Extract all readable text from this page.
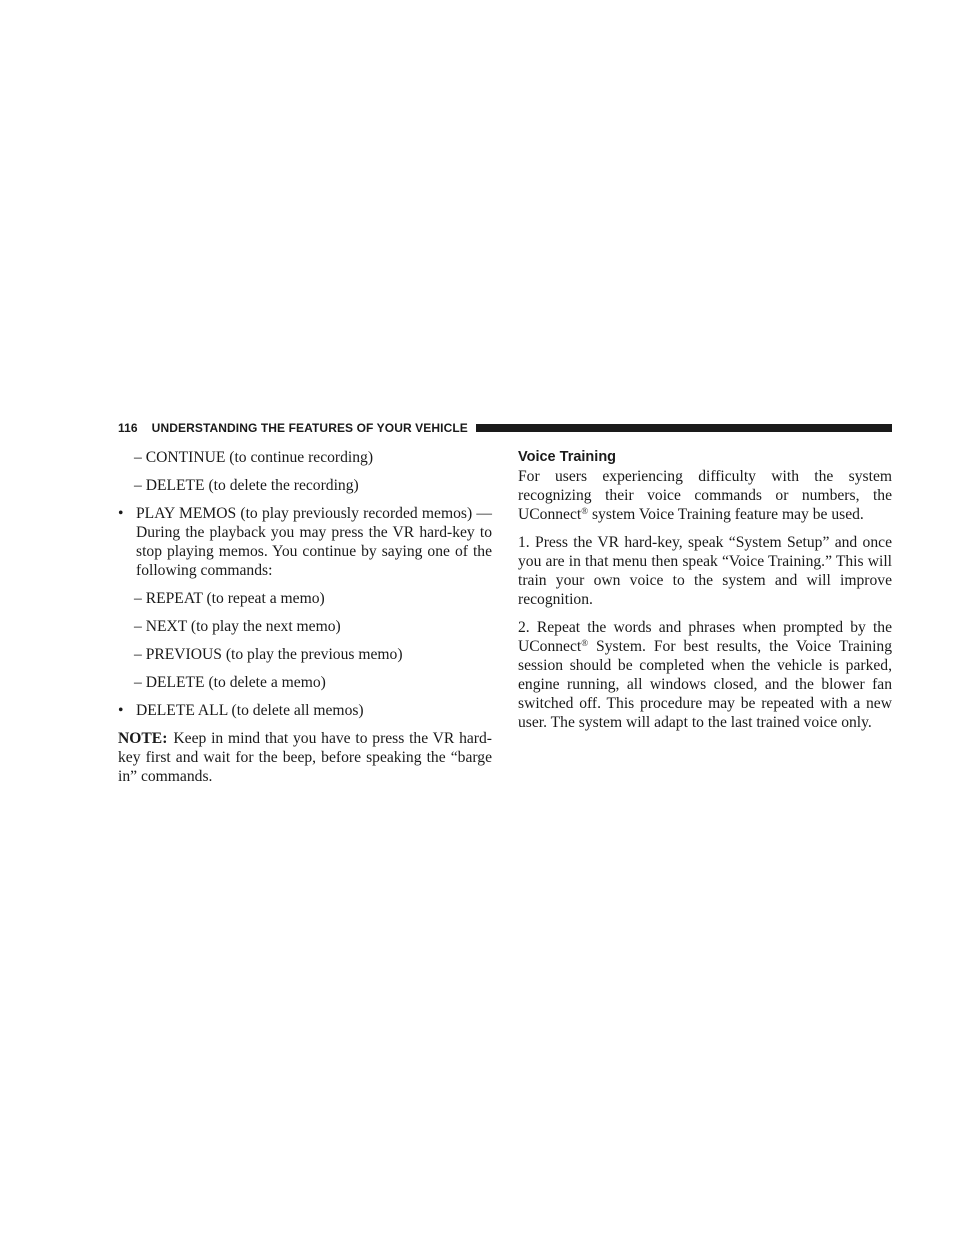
116 UNDERSTANDING THE FEATURES OF YOUR VEHICLE
– CONTINUE (to continue recording)
– DELETE (to delete the recording)
• PLAY MEMOS (to play previously recorded memos) — During the playback you may press the VR hard-key to stop playing memos. You continue by saying one of the following commands:
– REPEAT (to repeat a memo)
– NEXT (to play the next memo)
– PREVIOUS (to play the previous memo)
– DELETE (to delete a memo)
• DELETE ALL (to delete all memos)

NOTE: Keep in mind that you have to press the VR hard-key first and wait for the beep, before speaking the “barge in” commands.

Voice Training

For users experiencing difficulty with the system recognizing their voice commands or numbers, the UConnect® system Voice Training feature may be used.

1. Press the VR hard-key, speak “System Setup” and once you are in that menu then speak “Voice Training.” This will train your own voice to the system and will improve recognition.

2. Repeat the words and phrases when prompted by the UConnect® System. For best results, the Voice Training session should be completed when the vehicle is parked, engine running, all windows closed, and the blower fan switched off. This procedure may be repeated with a new user. The system will adapt to the last trained voice only.
